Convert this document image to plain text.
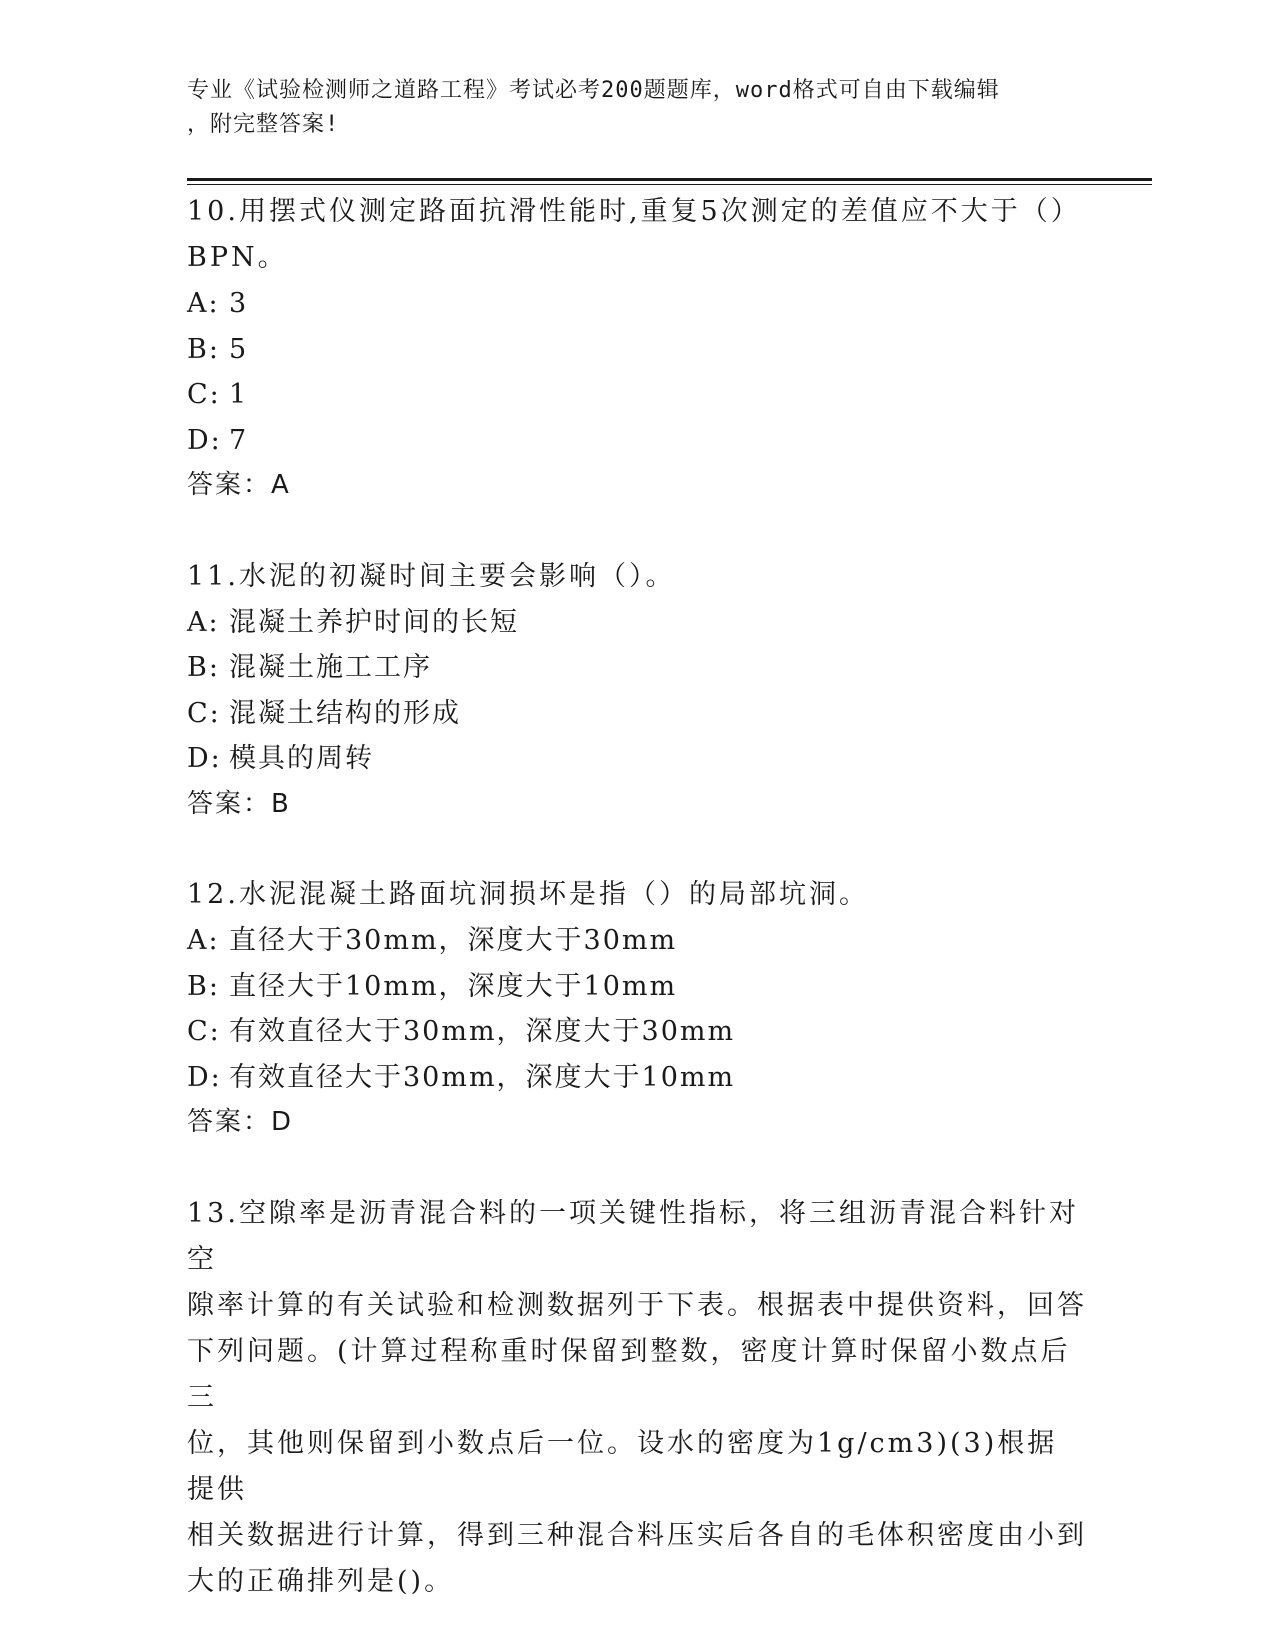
专业《试验检测师之道路工程》考试必考200题题库，word格式可自由下载编辑
，附完整答案!

10.用摆式仪测定路面抗滑性能时,重复5次测定的差值应不大于（）

BPN。

A: 3

B: 5

C: 1

D: 7

答案：A

11.水泥的初凝时间主要会影响（）。

A: 混凝土养护时间的长短

B: 混凝土施工工序

C: 混凝土结构的形成

D: 模具的周转

答案：B

12.水泥混凝土路面坑洞损坏是指（）的局部坑洞。

A: 直径大于30mm，深度大于30mm

B: 直径大于10mm，深度大于10mm

C: 有效直径大于30mm，深度大于30mm

D: 有效直径大于30mm，深度大于10mm

答案：D

13.空隙率是沥青混合料的一项关键性指标，将三组沥青混合料针对空

隙率计算的有关试验和检测数据列于下表。根据表中提供资料，回答

下列问题。(计算过程称重时保留到整数，密度计算时保留小数点后三

位，其他则保留到小数点后一位。设水的密度为1g/cm3)(3)根据提供

相关数据进行计算，得到三种混合料压实后各自的毛体积密度由小到

大的正确排列是()。
